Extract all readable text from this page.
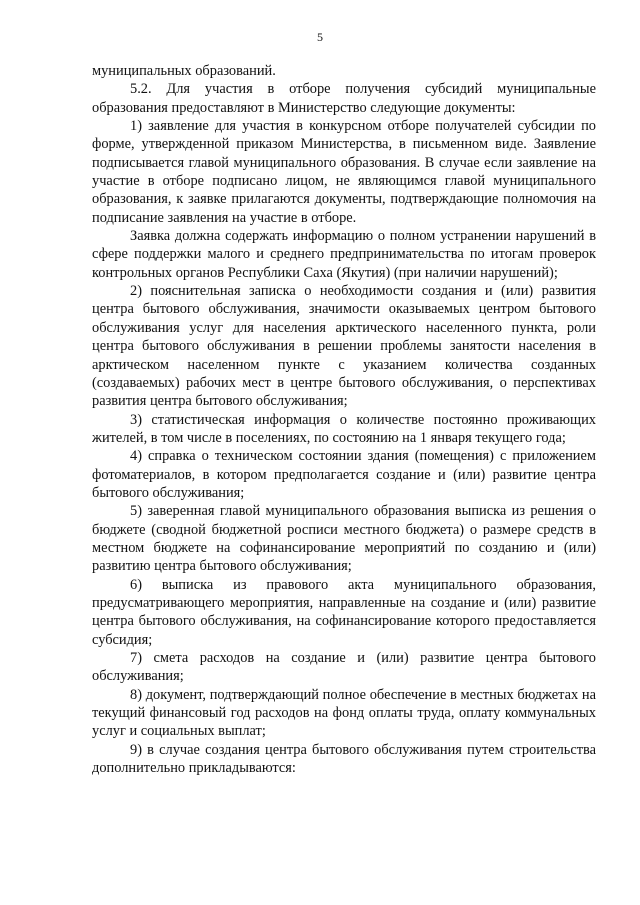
5

муниципальных образований.

5.2. Для участия в отборе получения субсидий муниципальные образования предоставляют в Министерство следующие документы:

1) заявление для участия в конкурсном отборе получателей субсидии по форме, утвержденной приказом Министерства, в письменном виде. Заявление подписывается главой муниципального образования. В случае если заявление на участие в отборе подписано лицом, не являющимся главой муниципального образования, к заявке прилагаются документы, подтверждающие полномочия на подписание заявления на участие в отборе.

Заявка должна содержать информацию о полном устранении нарушений в сфере поддержки малого и среднего предпринимательства по итогам проверок контрольных органов Республики Саха (Якутия) (при наличии нарушений);

2) пояснительная записка о необходимости создания и (или) развития центра бытового обслуживания, значимости оказываемых центром бытового обслуживания услуг для населения арктического населенного пункта, роли центра бытового обслуживания в решении проблемы занятости населения в арктическом населенном пункте с указанием количества созданных (создаваемых) рабочих мест в центре бытового обслуживания, о перспективах развития центра бытового обслуживания;

3) статистическая информация о количестве постоянно проживающих жителей, в том числе в поселениях, по состоянию на 1 января текущего года;

4) справка о техническом состоянии здания (помещения) с приложением фотоматериалов, в котором предполагается создание и (или) развитие центра бытового обслуживания;

5) заверенная главой муниципального образования выписка из решения о бюджете (сводной бюджетной росписи местного бюджета) о размере средств в местном бюджете на софинансирование мероприятий по созданию и (или) развитию центра бытового обслуживания;

6) выписка из правового акта муниципального образования, предусматривающего мероприятия, направленные на создание и (или) развитие центра бытового обслуживания, на софинансирование которого предоставляется субсидия;

7) смета расходов на создание и (или) развитие центра бытового обслуживания;

8) документ, подтверждающий полное обеспечение в местных бюджетах на текущий финансовый год расходов на фонд оплаты труда, оплату коммунальных услуг и социальных выплат;

9) в случае создания центра бытового обслуживания путем строительства дополнительно прикладываются:
